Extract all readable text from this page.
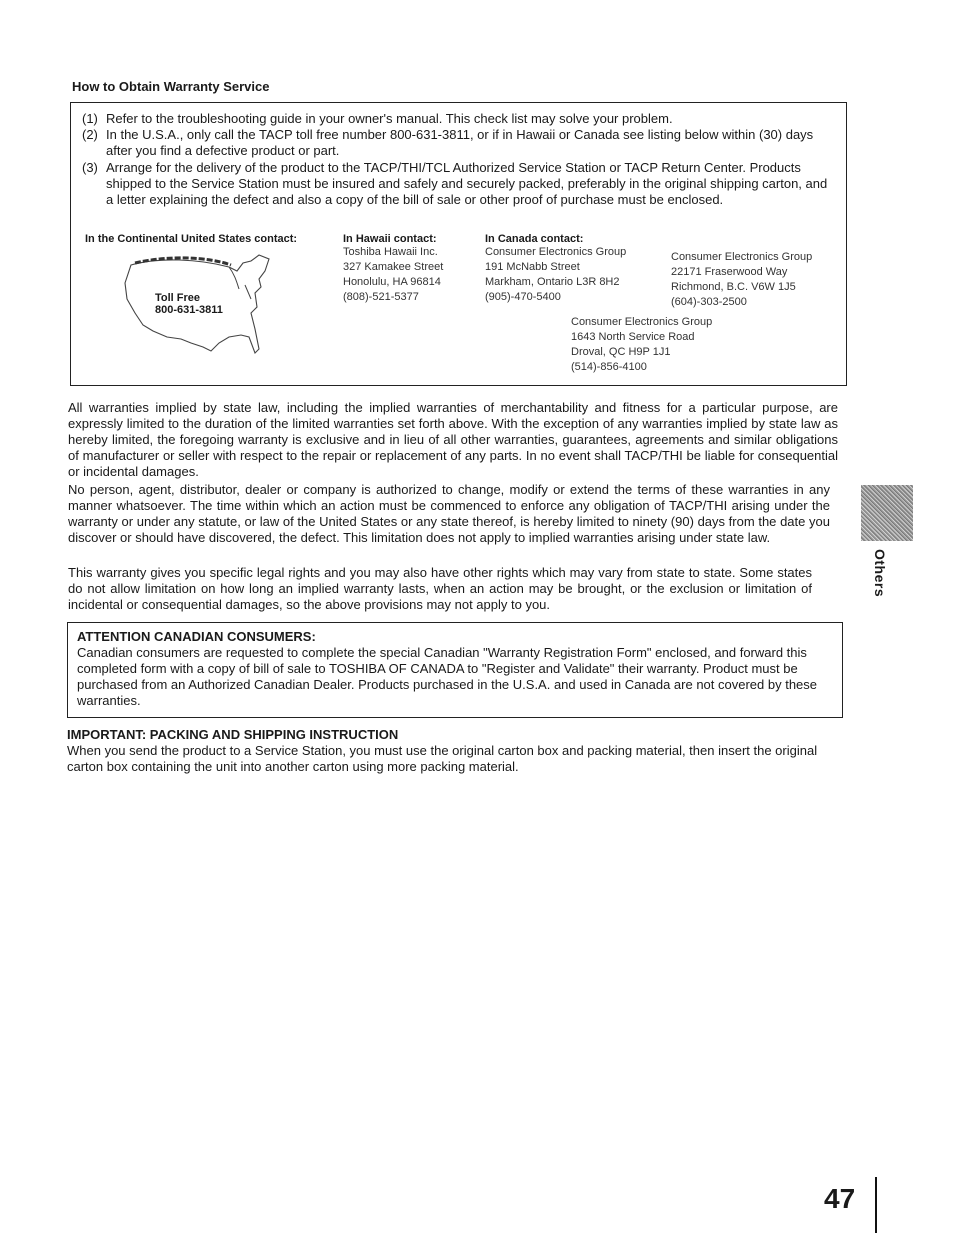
How to Obtain Warranty Service
(1) Refer to the troubleshooting guide in your owner's manual. This check list may solve your problem.
(2) In the U.S.A., only call the TACP toll free number 800-631-3811, or if in Hawaii or Canada see listing below within (30) days after you find a defective product or part.
(3) Arrange for the delivery of the product to the TACP/THI/TCL Authorized Service Station or TACP Return Center. Products shipped to the Service Station must be insured and safely and securely packed, preferably in the original shipping carton, and a letter explaining the defect and also a copy of the bill of sale or other proof of purchase must be enclosed.
In the Continental United States contact:
Toll Free
800-631-3811
In Hawaii contact:
Toshiba Hawaii Inc.
327 Kamakee Street
Honolulu, HA 96814
(808)-521-5377
In Canada contact:
Consumer Electronics Group
191 McNabb Street
Markham, Ontario L3R 8H2
(905)-470-5400
Consumer Electronics Group
22171 Fraserwood Way
Richmond, B.C. V6W 1J5
(604)-303-2500
Consumer Electronics Group
1643 North Service Road
Droval, QC H9P 1J1
(514)-856-4100
All warranties implied by state law, including the implied warranties of merchantability and fitness for a particular purpose, are expressly limited to the duration of the limited warranties set forth above. With the exception of any warranties implied by state law as hereby limited, the foregoing warranty is exclusive and in lieu of all other warranties, guarantees, agreements and similar obligations of manufacturer or seller with respect to the repair or replacement of any parts. In no event shall TACP/THI be liable for consequential or incidental damages.
No person, agent, distributor, dealer or company is authorized to change, modify or extend the terms of these warranties in any manner whatsoever. The time within which an action must be commenced to enforce any obligation of TACP/THI arising under the warranty or under any statute, or law of the United States or any state thereof, is hereby limited to ninety (90) days from the date you discover or should have discovered, the defect. This limitation does not apply to implied warranties arising under state law.
This warranty gives you specific legal rights and you may also have other rights which may vary from state to state. Some states do not allow limitation on how long an implied warranty lasts, when an action may be brought, or the exclusion or limitation of incidental or consequential damages, so the above provisions may not apply to you.
ATTENTION CANADIAN CONSUMERS:
Canadian consumers are requested to complete the special Canadian "Warranty Registration Form" enclosed, and forward this completed form with a copy of bill of sale to TOSHIBA OF CANADA to "Register and Validate" their warranty. Product must be purchased from an Authorized Canadian Dealer. Products purchased in the U.S.A. and used in Canada are not covered by these warranties.
IMPORTANT: PACKING AND SHIPPING INSTRUCTION
When you send the product to a Service Station, you must use the original carton box and packing material, then insert the original carton box containing the unit into another carton using more packing material.
Others
47
